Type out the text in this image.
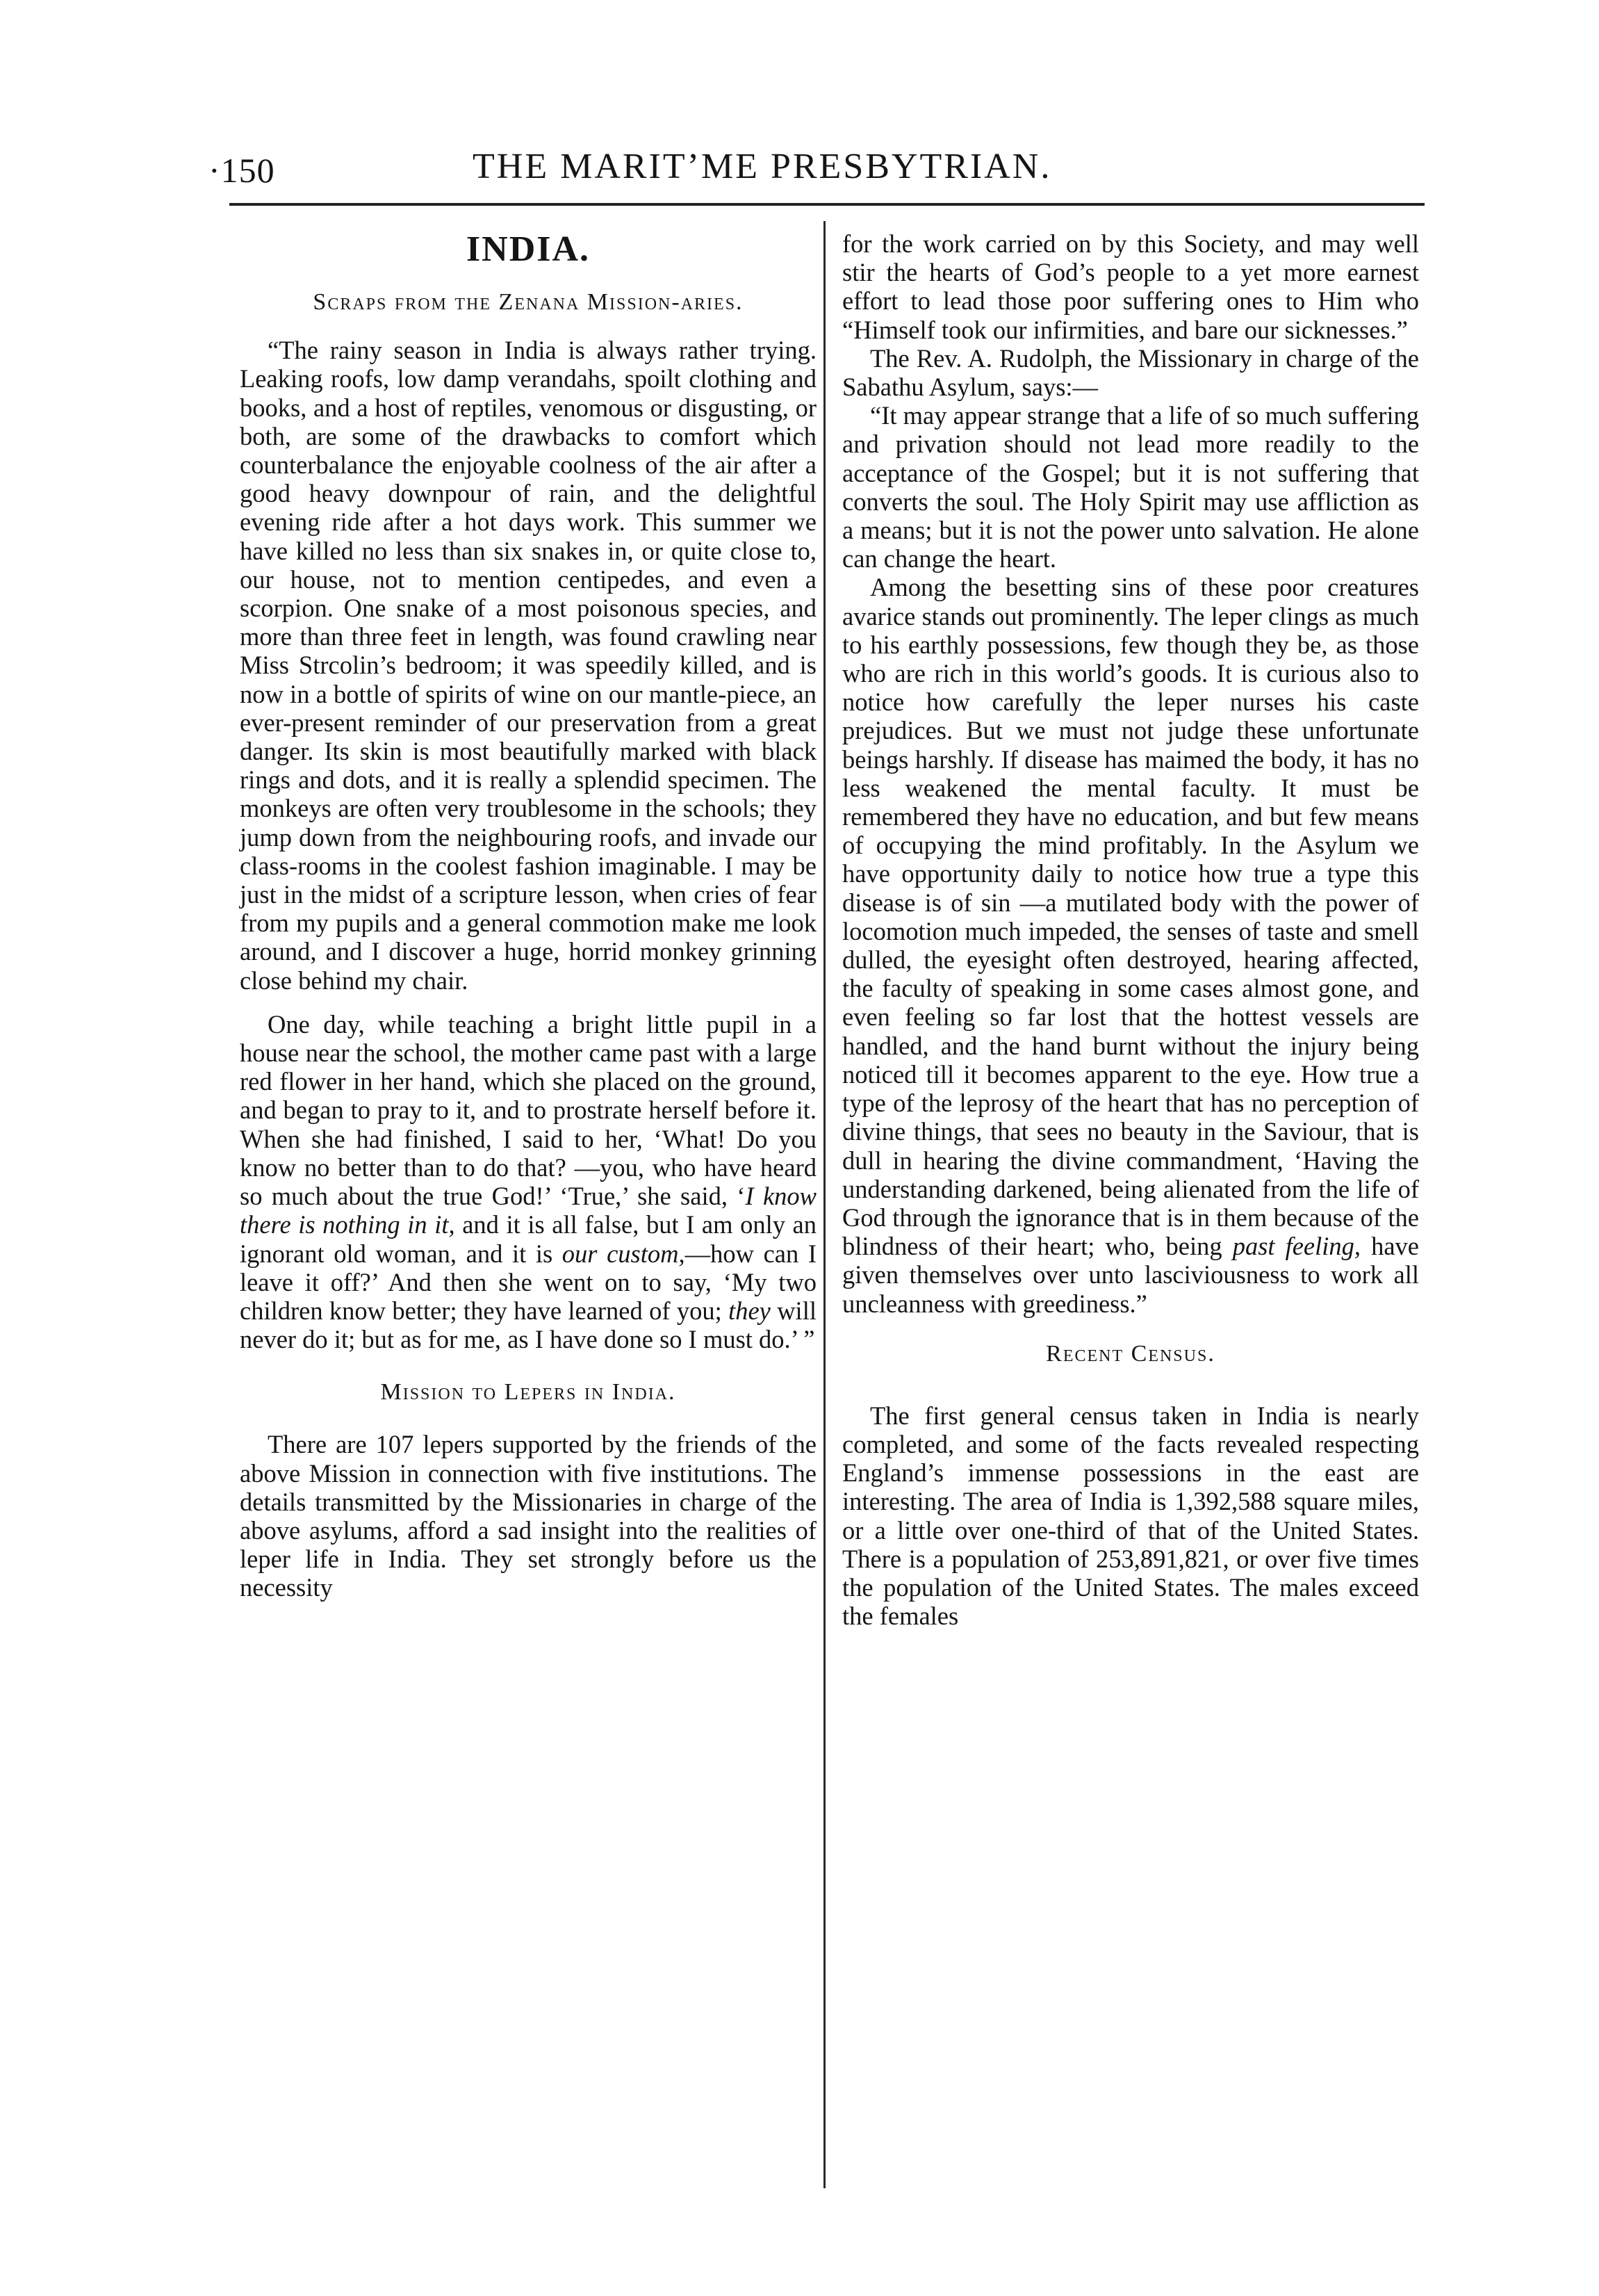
·150	THE MARIT’ME PRESBYTRIAN.
INDIA.
Scraps from the Zenana Mission-aries.

“The rainy season in India is always rather trying. Leaking roofs, low damp verandahs, spoilt clothing and books, and a host of reptiles, venomous or disgusting, or both, are some of the drawbacks to comfort which counterbalance the enjoyable coolness of the air after a good heavy downpour of rain, and the delightful evening ride after a hot days work. This summer we have killed no less than six snakes in, or quite close to, our house, not to mention centipedes, and even a scorpion. One snake of a most poisonous species, and more than three feet in length, was found crawling near Miss Strcolin’s bedroom; it was speedily killed, and is now in a bottle of spirits of wine on our mantle-piece, an ever-present reminder of our preservation from a great danger. Its skin is most beautifully marked with black rings and dots, and it is really a splendid specimen. The monkeys are often very troublesome in the schools; they jump down from the neighbouring roofs, and invade our class-rooms in the coolest fashion imaginable. I may be just in the midst of a scripture lesson, when cries of fear from my pupils and a general commotion make me look around, and I discover a huge, horrid monkey grinning close behind my chair.

One day, while teaching a bright little pupil in a house near the school, the mother came past with a large red flower in her hand, which she placed on the ground, and began to pray to it, and to prostrate herself before it. When she had finished, I said to her, ‘What! Do you know no better than to do that? —you, who have heard so much about the true God!’ ‘True,’ she said, ‘I know there is nothing in it, and it is all false, but I am only an ignorant old woman, and it is our custom,—how can I leave it off?’ And then she went on to say, ‘My two children know better; they have learned of you; they will never do it; but as for me, as I have done so I must do.’ ”

Mission to Lepers in India.

There are 107 lepers supported by the friends of the above Mission in connection with five institutions. The details transmitted by the Missionaries in charge of the above asylums, afford a sad insight into the realities of leper life in India. They set strongly before us the necessity

for the work carried on by this Society, and may well stir the hearts of God’s people to a yet more earnest effort to lead those poor suffering ones to Him who “Himself took our infirmities, and bare our sicknesses.”

The Rev. A. Rudolph, the Missionary in charge of the Sabathu Asylum, says:—

“It may appear strange that a life of so much suffering and privation should not lead more readily to the acceptance of the Gospel; but it is not suffering that converts the soul. The Holy Spirit may use affliction as a means; but it is not the power unto salvation. He alone can change the heart.

Among the besetting sins of these poor creatures avarice stands out prominently. The leper clings as much to his earthly possessions, few though they be, as those who are rich in this world’s goods. It is curious also to notice how carefully the leper nurses his caste prejudices. But we must not judge these unfortunate beings harshly. If disease has maimed the body, it has no less weakened the mental faculty. It must be remembered they have no education, and but few means of occupying the mind profitably. In the Asylum we have opportunity daily to notice how true a type this disease is of sin —a mutilated body with the power of locomotion much impeded, the senses of taste and smell dulled, the eyesight often destroyed, hearing affected, the faculty of speaking in some cases almost gone, and even feeling so far lost that the hottest vessels are handled, and the hand burnt without the injury being noticed till it becomes apparent to the eye. How true a type of the leprosy of the heart that has no perception of divine things, that sees no beauty in the Saviour, that is dull in hearing the divine commandment, ‘Having the understanding darkened, being alienated from the life of God through the ignorance that is in them because of the blindness of their heart; who, being past feeling, have given themselves over unto lasciviousness to work all uncleanness with greediness.”

Recent Census.

The first general census taken in India is nearly completed, and some of the facts revealed respecting England’s immense possessions in the east are interesting. The area of India is 1,392,588 square miles, or a little over one-third of that of the United States. There is a population of 253,891,821, or over five times the population of the United States. The males exceed the females
